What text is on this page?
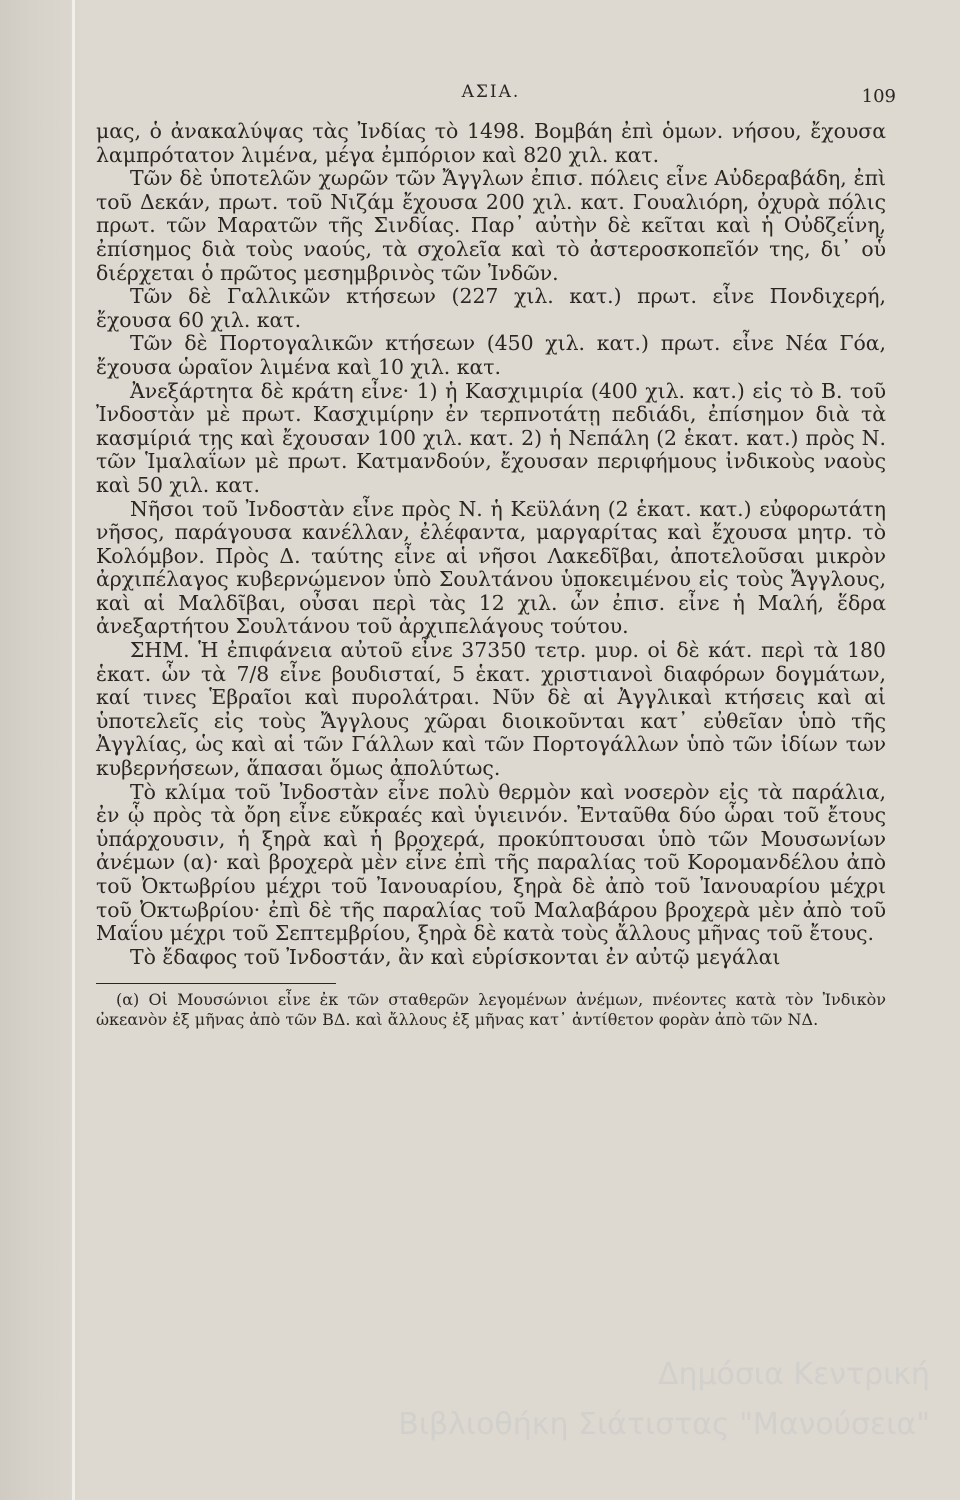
ΑΣΙΑ.	109

μας, ὁ ἀνακαλύψας τὰς Ἰνδίας τὸ 1498. Βομβάη ἐπὶ ὁμων. νήσου, ἔχουσα λαμπρότατον λιμένα, μέγα ἐμπόριον καὶ 820 χιλ. κατ.

Τῶν δὲ ὑποτελῶν χωρῶν τῶν Ἄγγλων ἐπισ. πόλεις εἶνε Αὐδεραβάδη, ἐπὶ τοῦ Δεκάν, πρωτ. τοῦ Νιζάμ ἔχουσα 200 χιλ. κατ. Γουαλιόρη, ὀχυρὰ πόλις πρωτ. τῶν Μαρατῶν τῆς Σινδίας. Παρ᾽ αὐτὴν δὲ κεῖται καὶ ἡ Οὐδζεΐνη, ἐπίσημος διὰ τοὺς ναούς, τὰ σχολεῖα καὶ τὸ ἀστεροσκοπεῖόν της, δι᾽ οὗ διέρχεται ὁ πρῶτος μεσημβρινὸς τῶν Ἰνδῶν.

Τῶν δὲ Γαλλικῶν κτήσεων (227 χιλ. κατ.) πρωτ. εἶνε Πονδιχερή, ἔχουσα 60 χιλ. κατ.

Τῶν δὲ Πορτογαλικῶν κτήσεων (450 χιλ. κατ.) πρωτ. εἶνε Νέα Γόα, ἔχουσα ὡραῖον λιμένα καὶ 10 χιλ. κατ.

Ἀνεξάρτητα δὲ κράτη εἶνε· 1) ἡ Κασχιμιρία (400 χιλ. κατ.) εἰς τὸ Β. τοῦ Ἰνδοστὰν μὲ πρωτ. Κασχιμίρην ἐν τερπνοτάτῃ πεδιάδι, ἐπίσημον διὰ τὰ κασμίριά της καὶ ἔχουσαν 100 χιλ. κατ. 2) ἡ Νεπάλη (2 ἑκατ. κατ.) πρὸς Ν. τῶν Ἱμαλαΐων μὲ πρωτ. Κατμανδούν, ἔχουσαν περιφήμους ἰνδικοὺς ναοὺς καὶ 50 χιλ. κατ.

Νῆσοι τοῦ Ἰνδοστὰν εἶνε πρὸς Ν. ἡ Κεϋλάνη (2 ἑκατ. κατ.) εὐφορωτάτη νῆσος, παράγουσα κανέλλαν, ἐλέφαντα, μαργαρίτας καὶ ἔχουσα μητρ. τὸ Κολόμβον. Πρὸς Δ. ταύτης εἶνε αἱ νῆσοι Λακεδῖβαι, ἀποτελοῦσαι μικρὸν ἀρχιπέλαγος κυβερνώμενον ὑπὸ Σουλτάνου ὑποκειμένου εἰς τοὺς Ἄγγλους, καὶ αἱ Μαλδῖβαι, οὖσαι περὶ τὰς 12 χιλ. ὧν ἐπισ. εἶνε ἡ Μαλή, ἕδρα ἀνεξαρτήτου Σουλτάνου τοῦ ἀρχιπελάγους τούτου.

ΣΗΜ. Ἡ ἐπιφάνεια αὐτοῦ εἶνε 37350 τετρ. μυρ. οἱ δὲ κάτ. περὶ τὰ 180 ἑκατ. ὧν τὰ 7/8 εἶνε βουδισταί, 5 ἑκατ. χριστιανοὶ διαφόρων δογμάτων, καί τινες Ἑβραῖοι καὶ πυρολάτραι. Νῦν δὲ αἱ Ἀγγλικαὶ κτήσεις καὶ αἱ ὑποτελεῖς εἰς τοὺς Ἄγγλους χῶραι διοικοῦνται κατ᾽ εὐθεῖαν ὑπὸ τῆς Ἀγγλίας, ὡς καὶ αἱ τῶν Γάλλων καὶ τῶν Πορτογάλλων ὑπὸ τῶν ἰδίων των κυβερνήσεων, ἅπασαι ὅμως ἀπολύτως.

Τὸ κλίμα τοῦ Ἰνδοστὰν εἶνε πολὺ θερμὸν καὶ νοσερὸν εἰς τὰ παράλια, ἐν ᾧ πρὸς τὰ ὄρη εἶνε εὔκραές καὶ ὑγιεινόν. Ἐνταῦθα δύο ὧραι τοῦ ἔτους ὑπάρχουσιν, ἡ ξηρὰ καὶ ἡ βροχερά, προκύπτουσαι ὑπὸ τῶν Μουσωνίων ἀνέμων (α)· καὶ βροχερὰ μὲν εἶνε ἐπὶ τῆς παραλίας τοῦ Κορομανδέλου ἀπὸ τοῦ Ὀκτωβρίου μέχρι τοῦ Ἰανουαρίου, ξηρὰ δὲ ἀπὸ τοῦ Ἰανουαρίου μέχρι τοῦ Ὀκτωβρίου· ἐπὶ δὲ τῆς παραλίας τοῦ Μαλαβάρου βροχερὰ μὲν ἀπὸ τοῦ Μαΐου μέχρι τοῦ Σεπτεμβρίου, ξηρὰ δὲ κατὰ τοὺς ἄλλους μῆνας τοῦ ἔτους.

Τὸ ἔδαφος τοῦ Ἰνδοστάν, ἂν καὶ εὑρίσκονται ἐν αὐτῷ μεγάλαι

(α) Οἱ Μουσώνιοι εἶνε ἐκ τῶν σταθερῶν λεγομένων ἀνέμων, πνέοντες κατὰ τὸν Ἰνδικὸν ὠκεανὸν ἐξ μῆνας ἀπὸ τῶν ΒΔ. καὶ ἄλλους ἐξ μῆνας κατ᾽ ἀντίθετον φορὰν ἀπὸ τῶν ΝΔ.

Δημόσια Κεντρική
Βιβλιοθήκη Σιάτιστας "Μανούσεια"
